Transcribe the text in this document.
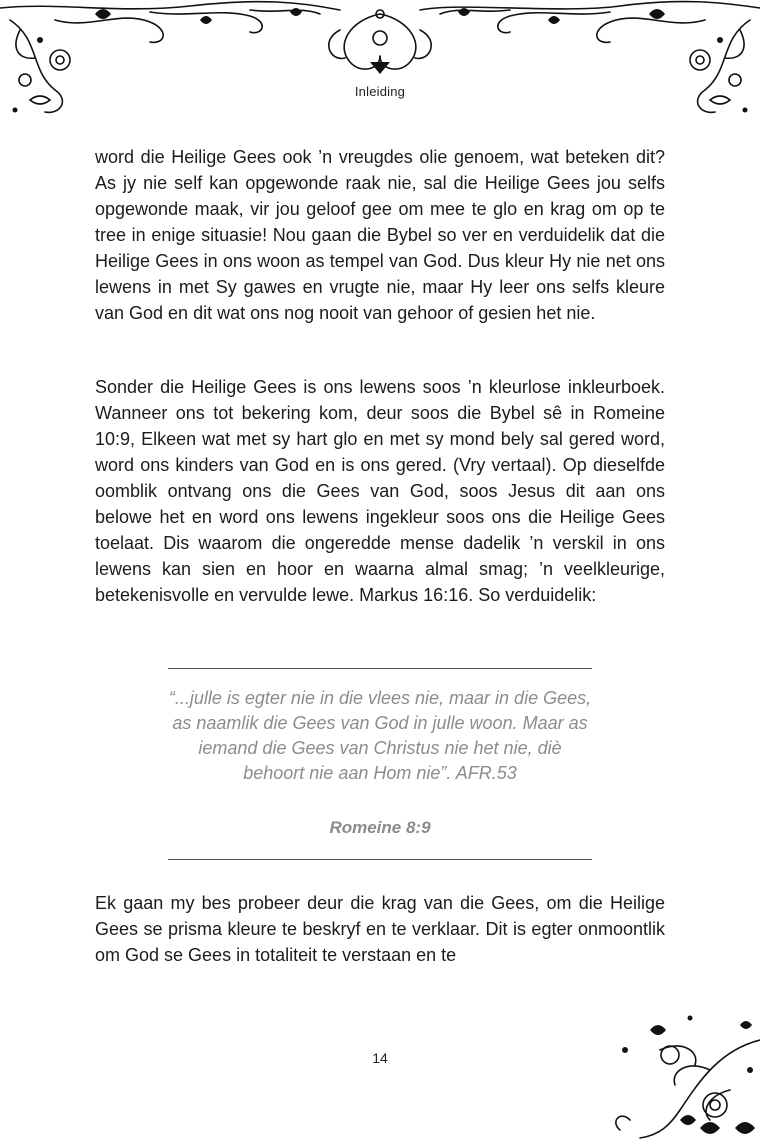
Inleiding

word die Heilige Gees ook ’n vreugdes olie genoem, wat beteken dit? As jy nie self kan opgewonde raak nie, sal die Heilige Gees jou selfs opgewonde maak, vir jou geloof gee om mee te glo en krag om op te tree in enige situasie! Nou gaan die Bybel so ver en verduidelik dat die Heilige Gees in ons woon as tempel van God. Dus kleur Hy nie net ons lewens in met Sy gawes en vrugte nie, maar Hy leer ons selfs kleure van God en dit wat ons nog nooit van gehoor of gesien het nie.

Sonder die Heilige Gees is ons lewens soos ’n kleurlose inkleurboek. Wanneer ons tot bekering kom, deur soos die Bybel sê in Romeine 10:9, Elkeen wat met sy hart glo en met sy mond bely sal gered word, word ons kinders van God en is ons gered. (Vry vertaal). Op dieselfde oomblik ontvang ons die Gees van God, soos Jesus dit aan ons belowe het en word ons lewens ingekleur soos ons die Heilige Gees toelaat. Dis waarom die ongeredde mense dadelik ’n verskil in ons lewens kan sien en hoor en waarna almal smag; ’n veelkleurige, betekenisvolle en vervulde lewe. Markus 16:16. So verduidelik:

“...julle is egter nie in die vlees nie, maar in die Gees, as naamlik die Gees van God in julle woon. Maar as iemand die Gees van Christus nie het nie, diè behoort nie aan Hom nie”. AFR.53

Romeine 8:9

Ek gaan my bes probeer deur die krag van die Gees, om die Heilige Gees se prisma kleure te beskryf en te verklaar. Dit is egter onmoontlik om God se Gees in totaliteit te verstaan en te

14
